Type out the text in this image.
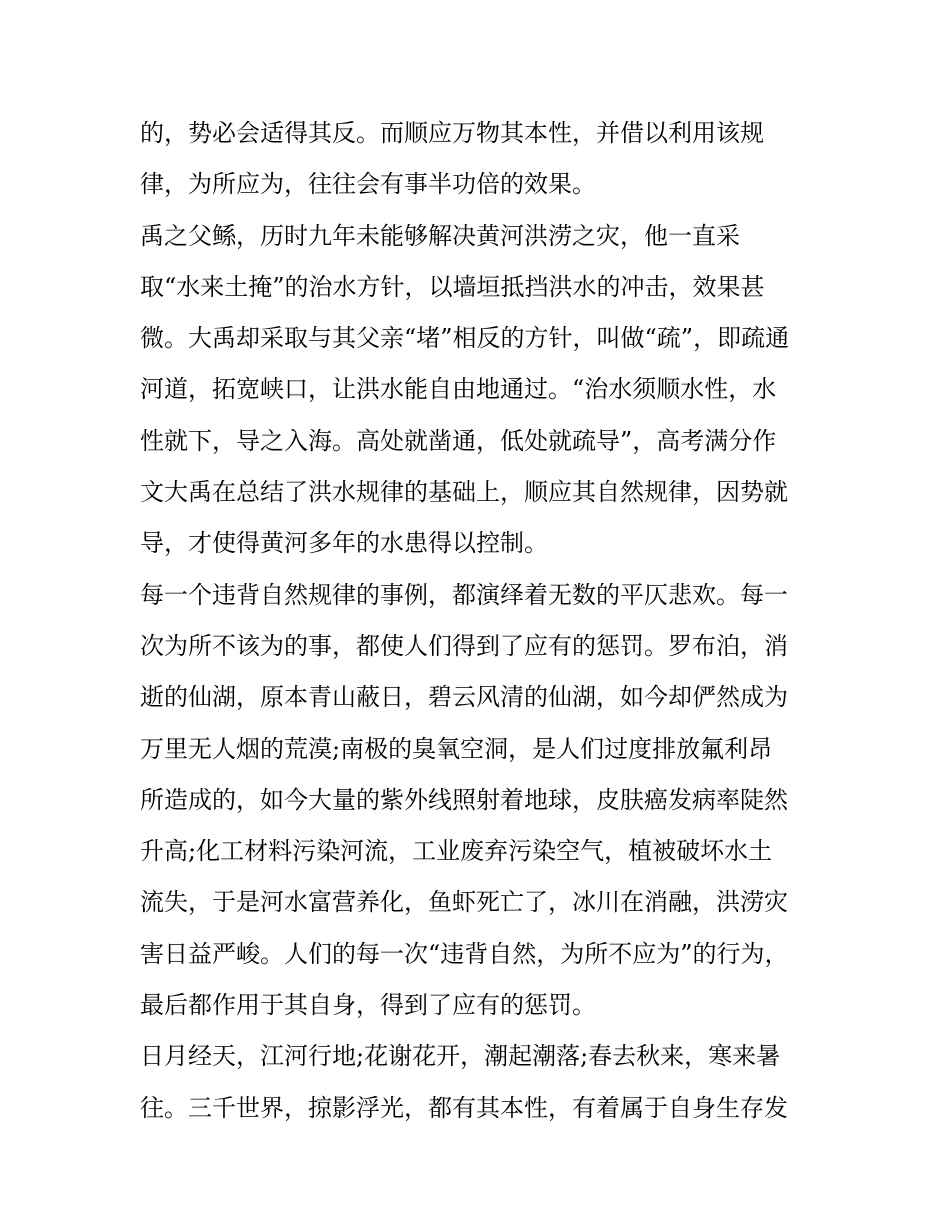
的，势必会适得其反。而顺应万物其本性，并借以利用该规
律，为所应为，往往会有事半功倍的效果。
禹之父鲧，历时九年未能够解决黄河洪涝之灾，他一直采
取“水来土掩”的治水方针，以墙垣抵挡洪水的冲击，效果甚
微。大禹却采取与其父亲“堵”相反的方针，叫做“疏”，即疏通
河道，拓宽峡口，让洪水能自由地通过。“治水须顺水性，水
性就下，导之入海。高处就凿通，低处就疏导”，高考满分作
文大禹在总结了洪水规律的基础上，顺应其自然规律，因势就
导，才使得黄河多年的水患得以控制。
每一个违背自然规律的事例，都演绎着无数的平仄悲欢。每一
次为所不该为的事，都使人们得到了应有的惩罚。罗布泊，消
逝的仙湖，原本青山蔽日，碧云风清的仙湖，如今却俨然成为
万里无人烟的荒漠;南极的臭氧空洞，是人们过度排放氟利昂
所造成的，如今大量的紫外线照射着地球，皮肤癌发病率陡然
升高;化工材料污染河流，工业废弃污染空气，植被破坏水土
流失，于是河水富营养化，鱼虾死亡了，冰川在消融，洪涝灾
害日益严峻。人们的每一次“违背自然，为所不应为”的行为，
最后都作用于其自身，得到了应有的惩罚。
日月经天，江河行地;花谢花开，潮起潮落;春去秋来，寒来暑
往。三千世界，掠影浮光，都有其本性，有着属于自身生存发
